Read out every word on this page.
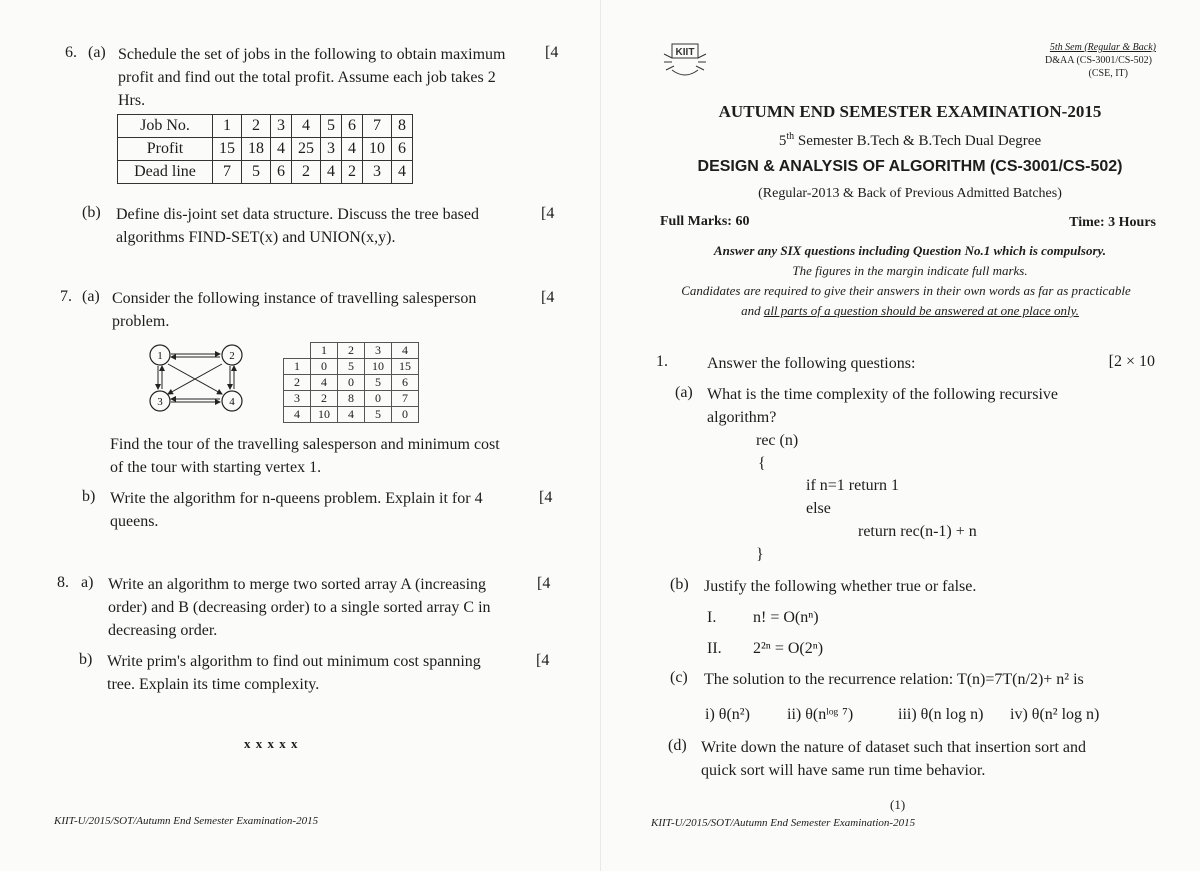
6. (a) Schedule the set of jobs in the following to obtain maximum profit and find out the total profit. Assume each job takes 2 Hrs.
[4
Job No.	1	2	3	4	5	6	7	8
Profit	15	18	4	25	3	4	10	6
Dead line	7	5	6	2	4	2	3	4
(b) Define dis-joint set data structure. Discuss the tree based algorithms FIND-SET(x) and UNION(x,y).
[4
7. (a) Consider the following instance of travelling salesperson problem.
[4
1	2
3	4
	1	2	3	4
1	0	5	10	15
2	4	0	5	6
3	2	8	0	7
4	10	4	5	0
Find the tour of the travelling salesperson and minimum cost of the tour with starting vertex 1.
b) Write the algorithm for n-queens problem. Explain it for 4 queens.
[4
8. a) Write an algorithm to merge two sorted array A (increasing order) and B (decreasing order) to a single sorted array C in decreasing order.
[4
b) Write prim's algorithm to find out minimum cost spanning tree. Explain its time complexity.
[4
x x x x x
KIIT-U/2015/SOT/Autumn End Semester Examination-2015
KIIT	5th Sem (Regular & Back)
D&AA (CS-3001/CS-502)
(CSE, IT)
AUTUMN END SEMESTER EXAMINATION-2015
5th Semester B.Tech & B.Tech Dual Degree
DESIGN & ANALYSIS OF ALGORITHM (CS-3001/CS-502)
(Regular-2013 & Back of Previous Admitted Batches)
Full Marks: 60	Time: 3 Hours
Answer any SIX questions including Question No.1 which is compulsory.
The figures in the margin indicate full marks.
Candidates are required to give their answers in their own words as far as practicable
and all parts of a question should be answered at one place only.
1. Answer the following questions:	[2 × 10
(a) What is the time complexity of the following recursive algorithm?
rec (n)
{
if n=1 return 1
else
return rec(n-1) + n
}
(b) Justify the following whether true or false.
I. n! = O(nⁿ)
II. 2²ⁿ = O(2ⁿ)
(c) The solution to the recurrence relation: T(n)=7T(n/2)+ n² is
i) θ(n²) ii) θ(nˡᵒᵍ ⁷)	iii) θ(n log n) iv) θ(n² log n)
(d) Write down the nature of dataset such that insertion sort and quick sort will have same run time behavior.
(1)
KIIT-U/2015/SOT/Autumn End Semester Examination-2015
